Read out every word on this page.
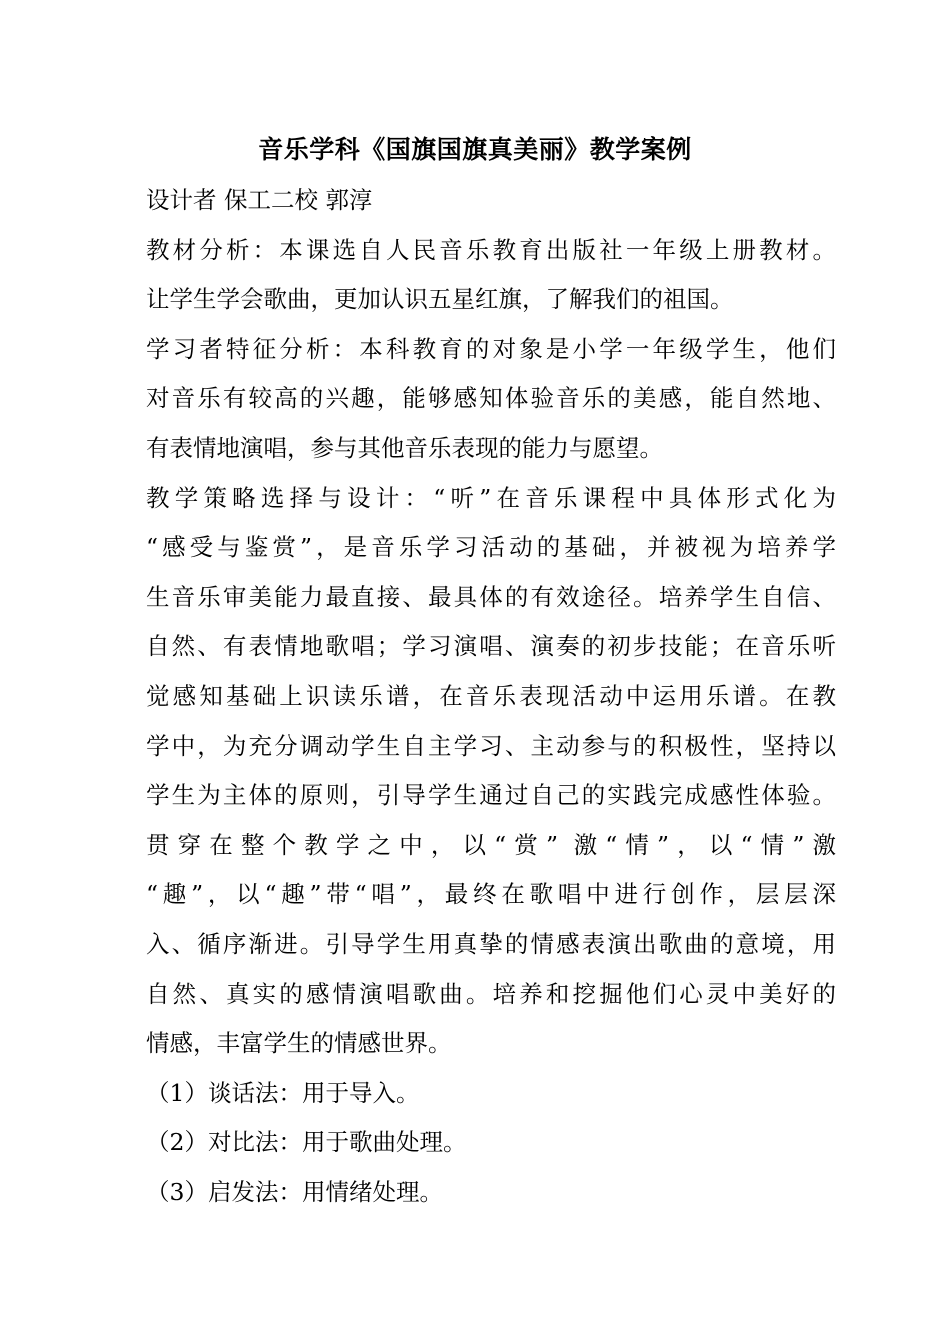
音乐学科《国旗国旗真美丽》教学案例
设计者 保工二校 郭淳
教材分析：本课选自人民音乐教育出版社一年级上册教材。
让学生学会歌曲，更加认识五星红旗，了解我们的祖国。
学习者特征分析：本科教育的对象是小学一年级学生，他们
对音乐有较高的兴趣，能够感知体验音乐的美感，能自然地、
有表情地演唱，参与其他音乐表现的能力与愿望。
教学策略选择与设计：“听”在音乐课程中具体形式化为
“感受与鉴赏”，是音乐学习活动的基础，并被视为培养学
生音乐审美能力最直接、最具体的有效途径。培养学生自信、
自然、有表情地歌唱；学习演唱、演奏的初步技能；在音乐听
觉感知基础上识读乐谱，在音乐表现活动中运用乐谱。在教
学中，为充分调动学生自主学习、主动参与的积极性，坚持以
学生为主体的原则，引导学生通过自己的实践完成感性体验。
贯穿在整个教学之中，以“赏” 激“情”，以“情”激
“趣”，以“趣”带“唱”，最终在歌唱中进行创作，层层深
入、循序渐进。引导学生用真挚的情感表演出歌曲的意境，用
自然、真实的感情演唱歌曲。培养和挖掘他们心灵中美好的
情感，丰富学生的情感世界。
（1）谈话法：用于导入。
（2）对比法：用于歌曲处理。
（3）启发法：用情绪处理。
